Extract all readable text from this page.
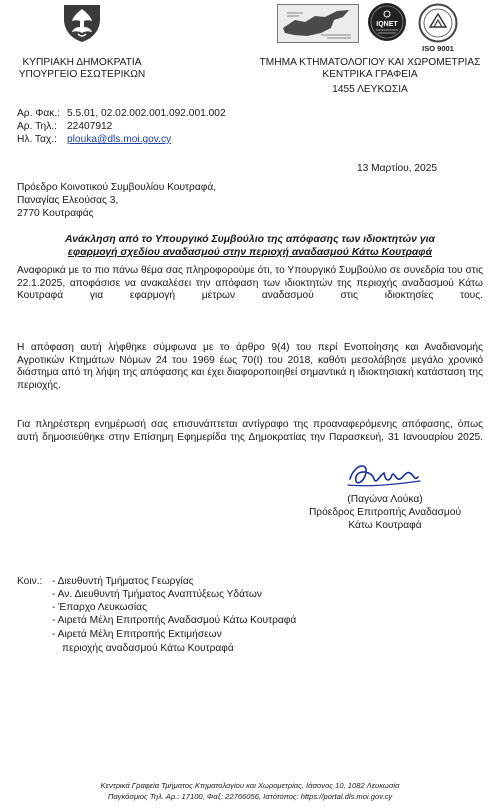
ΚΥΠΡΙΑΚΗ ΔΗΜΟΚΡΑΤΙΑ
ΥΠΟΥΡΓΕΙΟ ΕΣΩΤΕΡΙΚΩΝ
IQNET
ISO 9001
ΤΜΗΜΑ ΚΤΗΜΑΤΟΛΟΓΙΟΥ ΚΑΙ ΧΩΡΟΜΕΤΡΙΑΣ
ΚΕΝΤΡΙΚΑ ΓΡΑΦΕΙΑ
1455 ΛΕΥΚΩΣΙΑ
Αρ. Φακ.: 5.5.01, 02.02.002.001.092.001.002
Αρ. Τηλ.: 22407912
Ηλ. Ταχ.: plouka@dls.moi.gov.cy
13 Μαρτίου, 2025
Πρόεδρο Κοινοτικού Συμβουλίου Κουτραφά,
Παναγίας Ελεούσας 3,
2770 Κουτραφάς
Ανάκληση από το Υπουργικό Συμβούλιο της απόφασης των ιδιοκτητών για
εφαρμογή σχεδίου αναδασμού στην περιοχή αναδασμού Κάτω Κουτραφά
Αναφορικά με το πιο πάνω θέμα σας πληροφορούμε ότι, το Υπουργικό Συμβούλιο σε συνεδρία του στις 22.1.2025, αποφάσισε να ανακαλέσει την απόφαση των ιδιοκτητών της περιοχής αναδασμού Κάτω Κουτραφά για εφαρμογή μέτρων αναδασμού στις ιδιοκτησίες τους.
Η απόφαση αυτή λήφθηκε σύμφωνα με το άρθρο 9(4) του περί Ενοποίησης και Αναδιανομής Αγροτικών Κτημάτων Νόμων 24 του 1969 έως 70(Ι) του 2018, καθότι μεσολάβησε μεγάλο χρονικό διάστημα από τη λήψη της απόφασης και έχει διαφοροποιηθεί σημαντικά η ιδιοκτησιακή κατάσταση της περιοχής.
Για πληρέστερη ενημέρωσή σας επισυνάπτεται αντίγραφο της προαναφερόμενης απόφασης, όπως αυτή δημοσιεύθηκε στην Επίσημη Εφημερίδα της Δημοκρατίας την Παρασκευή, 31 Ιανουαρίου 2025.
(Παγώνα Λούκα)
Πρόεδρος Επιτροπής Αναδασμού
Κάτω Κουτραφά
Κοιν.: - Διευθυντή Τμήματος Γεωργίας
- Αν. Διευθυντή Τμήματος Αναπτύξεως Υδάτων
- Έπαρχο Λευκωσίας
- Αιρετά Μέλη Επιτροπής Αναδασμού Κάτω Κουτραφά
- Αιρετά Μέλη Επιτροπής Εκτιμήσεων
περιοχής αναδασμού Κάτω Κουτραφά
Κεντρικά Γραφεία Τμήματος Κτηματολογίου και Χωρομετρίας, Ιάσονος 10, 1082 Λευκωσία
Παγκόσμιος Τηλ. Αρ.: 17100, Φαξ: 22766056, Ιστότοπος: https://portal.dls.moi.gov.cy
